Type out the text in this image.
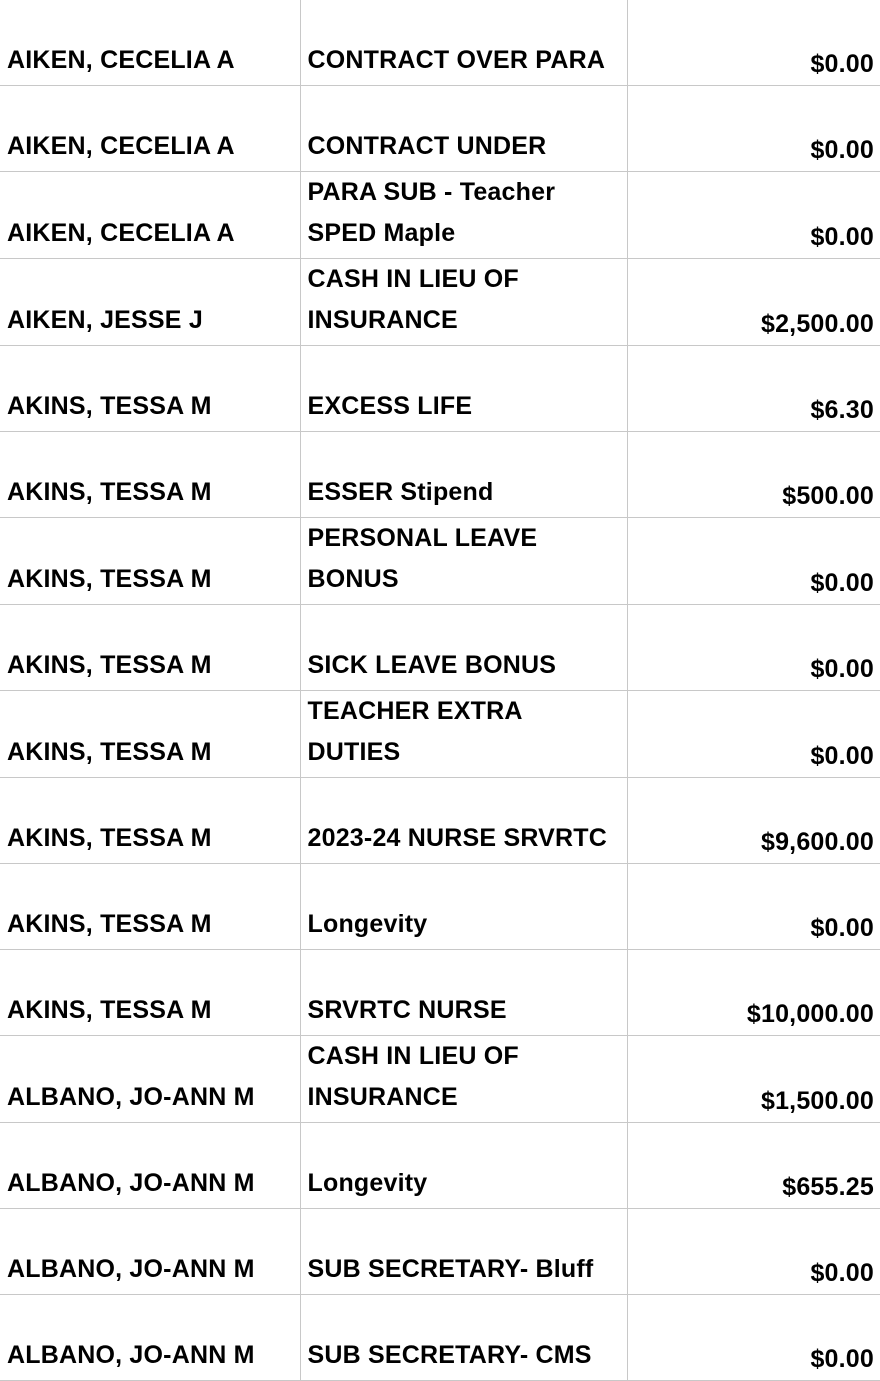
AIKEN, CECELIA A	CONTRACT OVER PARA	$0.00
AIKEN, CECELIA A	CONTRACT UNDER	$0.00
AIKEN, CECELIA A	PARA SUB - Teacher SPED Maple	$0.00
AIKEN, JESSE J	CASH IN LIEU OF INSURANCE	$2,500.00
AKINS, TESSA M	EXCESS LIFE	$6.30
AKINS, TESSA M	ESSER Stipend	$500.00
AKINS, TESSA M	PERSONAL LEAVE BONUS	$0.00
AKINS, TESSA M	SICK LEAVE BONUS	$0.00
AKINS, TESSA M	TEACHER EXTRA DUTIES	$0.00
AKINS, TESSA M	2023-24 NURSE SRVRTC	$9,600.00
AKINS, TESSA M	Longevity	$0.00
AKINS, TESSA M	SRVRTC NURSE	$10,000.00
ALBANO, JO-ANN M	CASH IN LIEU OF INSURANCE	$1,500.00
ALBANO, JO-ANN M	Longevity	$655.25
ALBANO, JO-ANN M	SUB SECRETARY- Bluff	$0.00
ALBANO, JO-ANN M	SUB SECRETARY- CMS	$0.00
